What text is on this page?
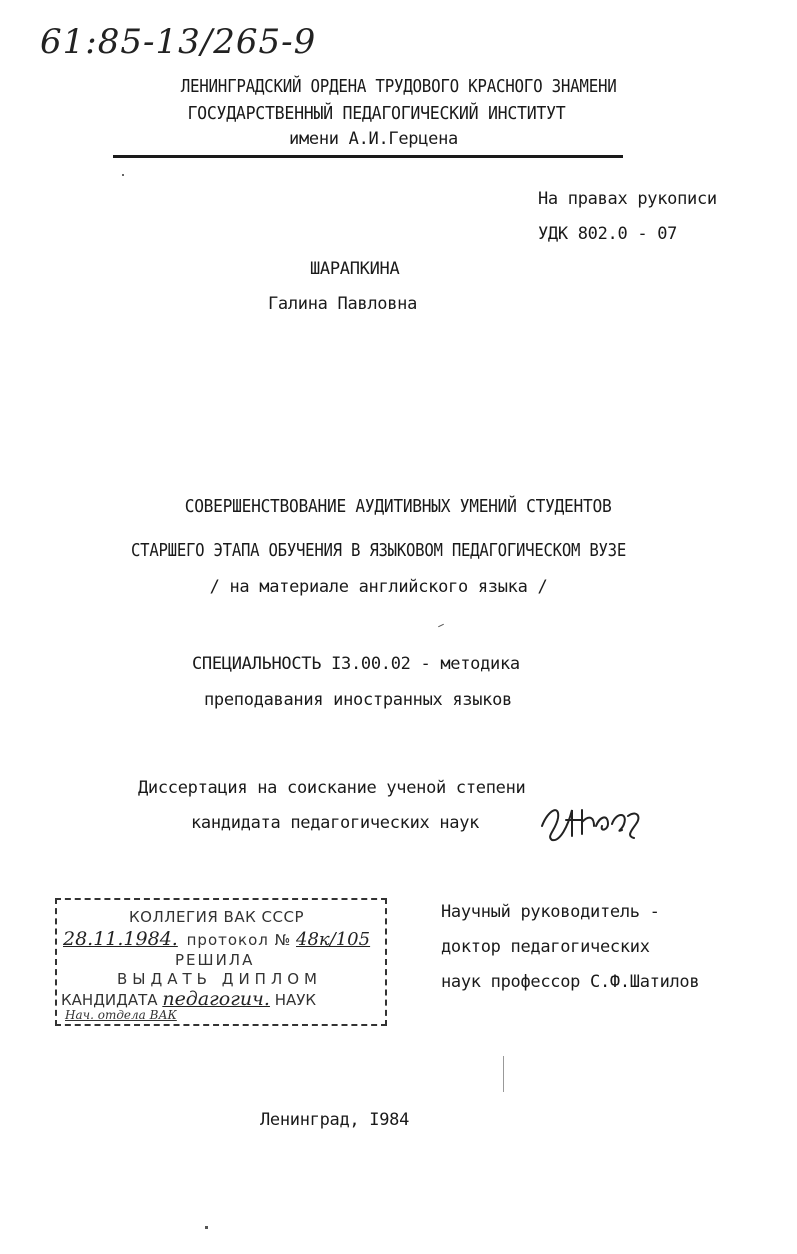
61:85-13/265-9
ЛЕНИНГРАДСКИЙ ОРДЕНА ТРУДОВОГО КРАСНОГО ЗНАМЕНИ
ГОСУДАРСТВЕННЫЙ ПЕДАГОГИЧЕСКИЙ ИНСТИТУТ
имени А.И.Герцена
На правах рукописи
УДК 802.0 - 07
ШАРАПКИНА
Галина Павловна
СОВЕРШЕНСТВОВАНИЕ АУДИТИВНЫХ УМЕНИЙ СТУДЕНТОВ
СТАРШЕГО ЭТАПА ОБУЧЕНИЯ В ЯЗЫКОВОМ ПЕДАГОГИЧЕСКОМ ВУЗЕ
/ на материале английского языка /
СПЕЦИАЛЬНОСТЬ I3.00.02 - методика
преподавания иностранных языков
Диссертация на соискание ученой степени
кандидата педагогических наук
КОЛЛЕГИЯ ВАК СССР
28.11.1984. протокол № 48к/105
РЕШИЛА
ВЫДАТЬ ДИПЛОМ
КАНДИДАТА педагогич. НАУК
Нач. отдела ВАК
Научный руководитель -
доктор педагогических
наук профессор С.Ф.Шатилов
Ленинград, I984
